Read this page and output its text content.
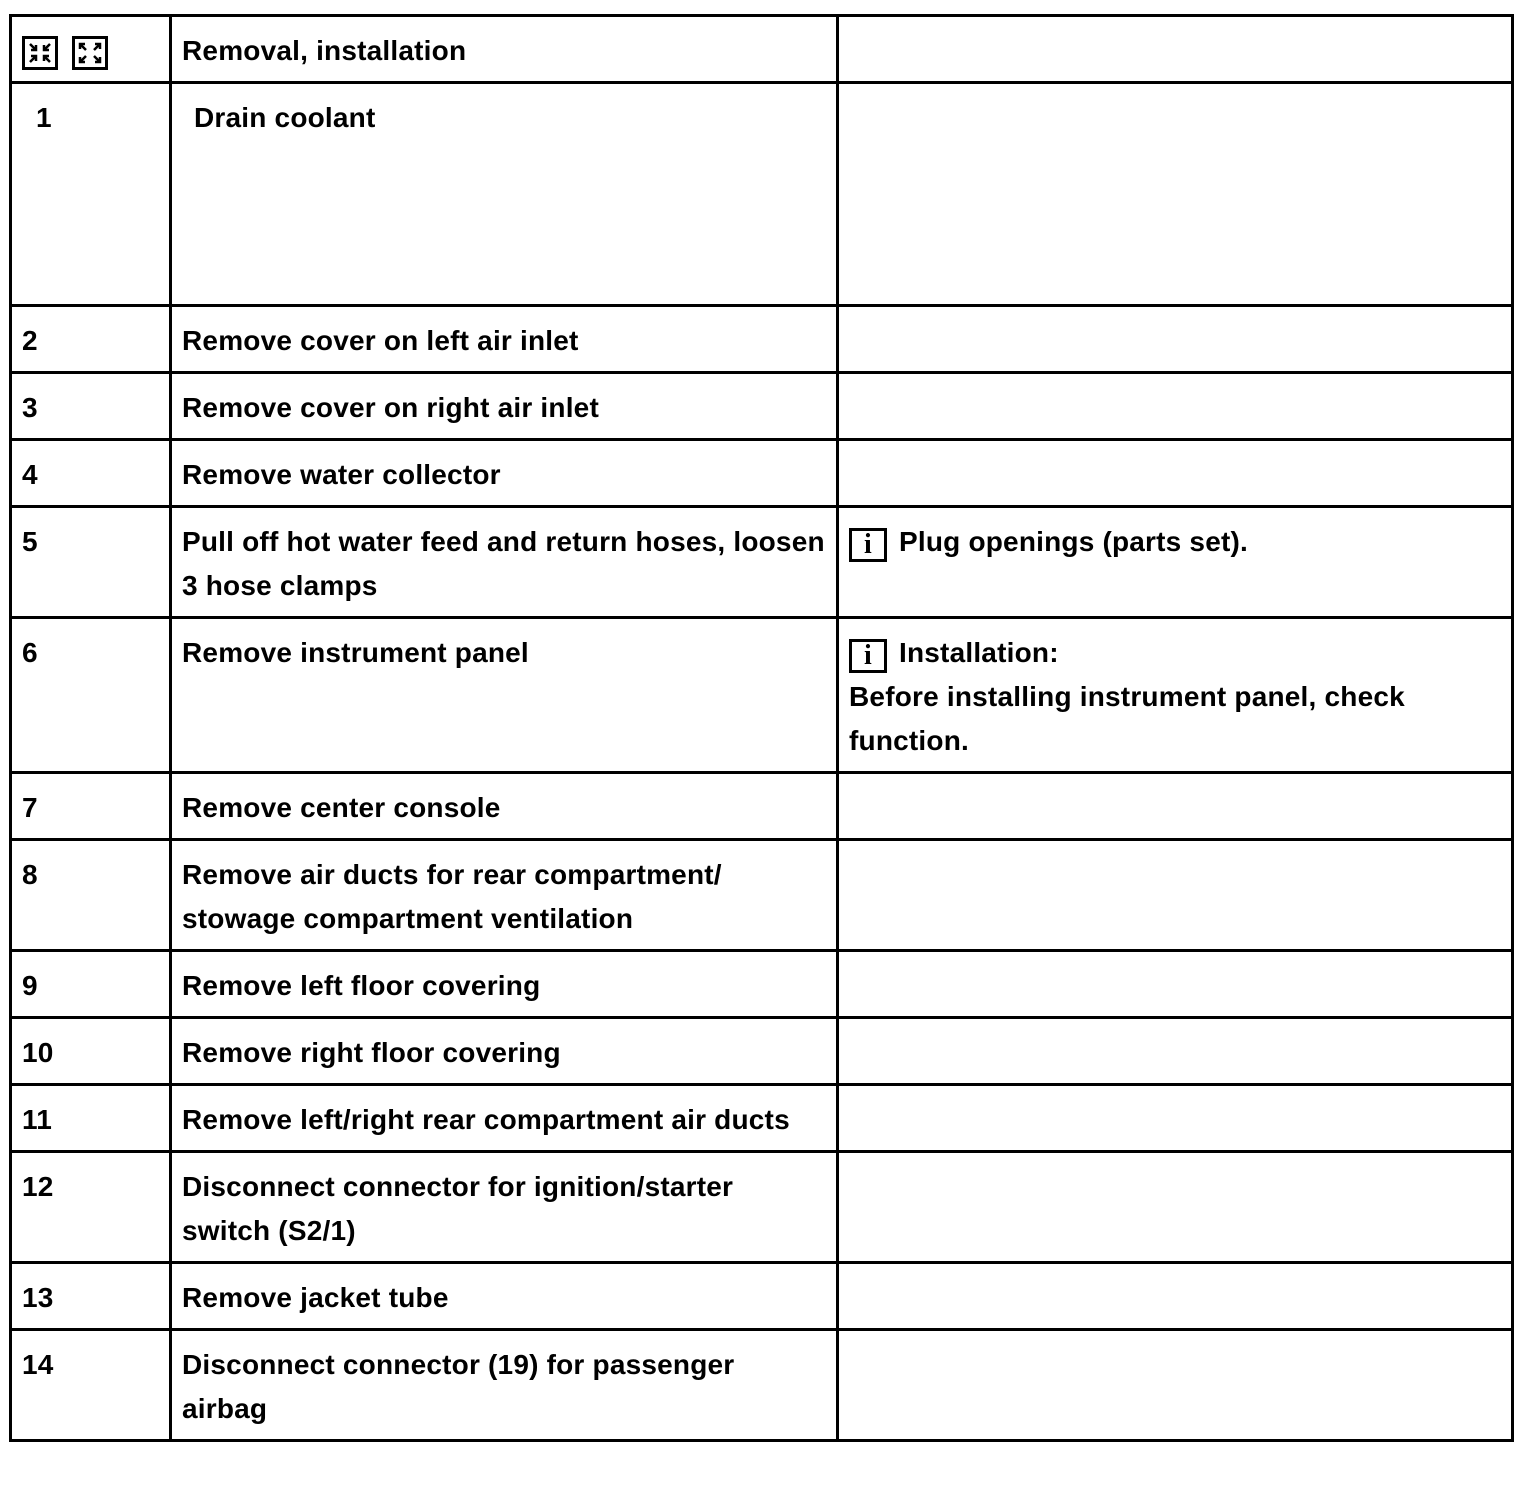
	Removal, installation	
1	Drain coolant	
2	Remove cover on left air inlet	
3	Remove cover on right air inlet	
4	Remove water collector	
5	Pull off hot water feed and return hoses, loosen 3 hose clamps	i Plug openings (parts set).
6	Remove instrument panel	i Installation:
Before installing instrument panel, check function.

7	Remove center console	
8	Remove air ducts for rear compartment/ stowage compartment ventilation	
9	Remove left floor covering	
10	Remove right floor covering	
11	Remove left/right rear compartment air ducts	
12	Disconnect connector for ignition/starter switch (S2/1)	
13	Remove jacket tube	
14	Disconnect connector (19) for passenger airbag	
